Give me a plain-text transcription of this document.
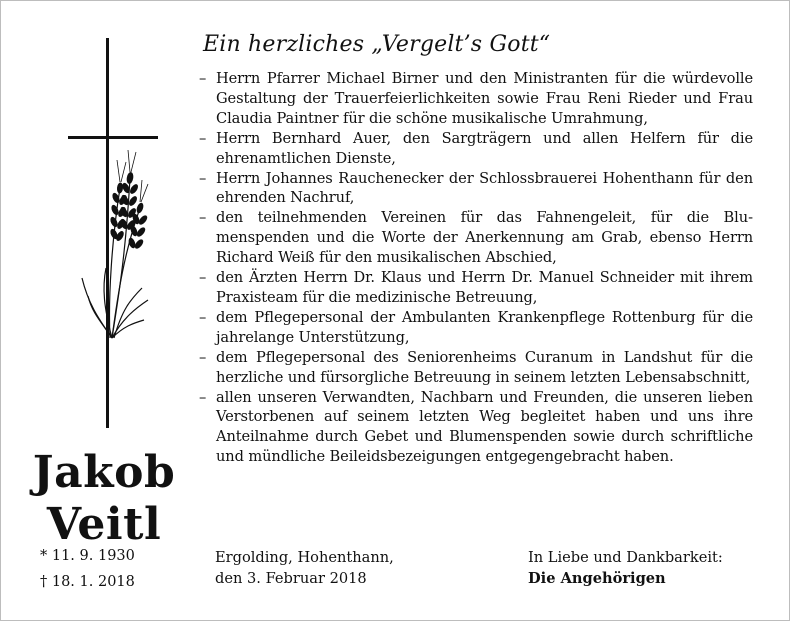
Jakob
Veitl
* 11. 9. 1930
† 18. 1. 2018
Ein herzliches „Vergelt’s Gott“
– Herrn Pfarrer Michael Birner und den Ministranten für die würdevolle Gestaltung der Trauerfeierlichkeiten sowie Frau Reni Rieder und Frau Claudia Paintner für die schöne musikalische Umrahmung,
– Herrn Bernhard Auer, den Sargträgern und allen Helfern für die ehrenamtlichen Dienste,
– Herrn Johannes Rauchenecker der Schlossbrauerei Hohenthann für den ehrenden Nachruf,
– den teilnehmenden Vereinen für das Fahnengeleit, für die Blumenspenden und die Worte der Anerkennung am Grab, ebenso Herrn Richard Weiß für den musikalischen Abschied,
– den Ärzten Herrn Dr. Klaus und Herrn Dr. Manuel Schneider mit ihrem Praxisteam für die medizinische Betreuung,
– dem Pflegepersonal der Ambulanten Krankenpflege Rottenburg für die jahrelange Unterstützung,
– dem Pflegepersonal des Seniorenheims Curanum in Landshut für die herzliche und fürsorgliche Betreuung in seinem letzten Lebensabschnitt,
– allen unseren Verwandten, Nachbarn und Freunden, die unseren lieben Verstorbenen auf seinem letzten Weg begleitet haben und uns ihre Anteilnahme durch Gebet und Blumenspenden sowie durch schriftliche und mündliche Beileidsbezeigungen entgegengebracht haben.
Ergolding, Hohenthann,
den 3. Februar 2018
In Liebe und Dankbarkeit:
Die Angehörigen
